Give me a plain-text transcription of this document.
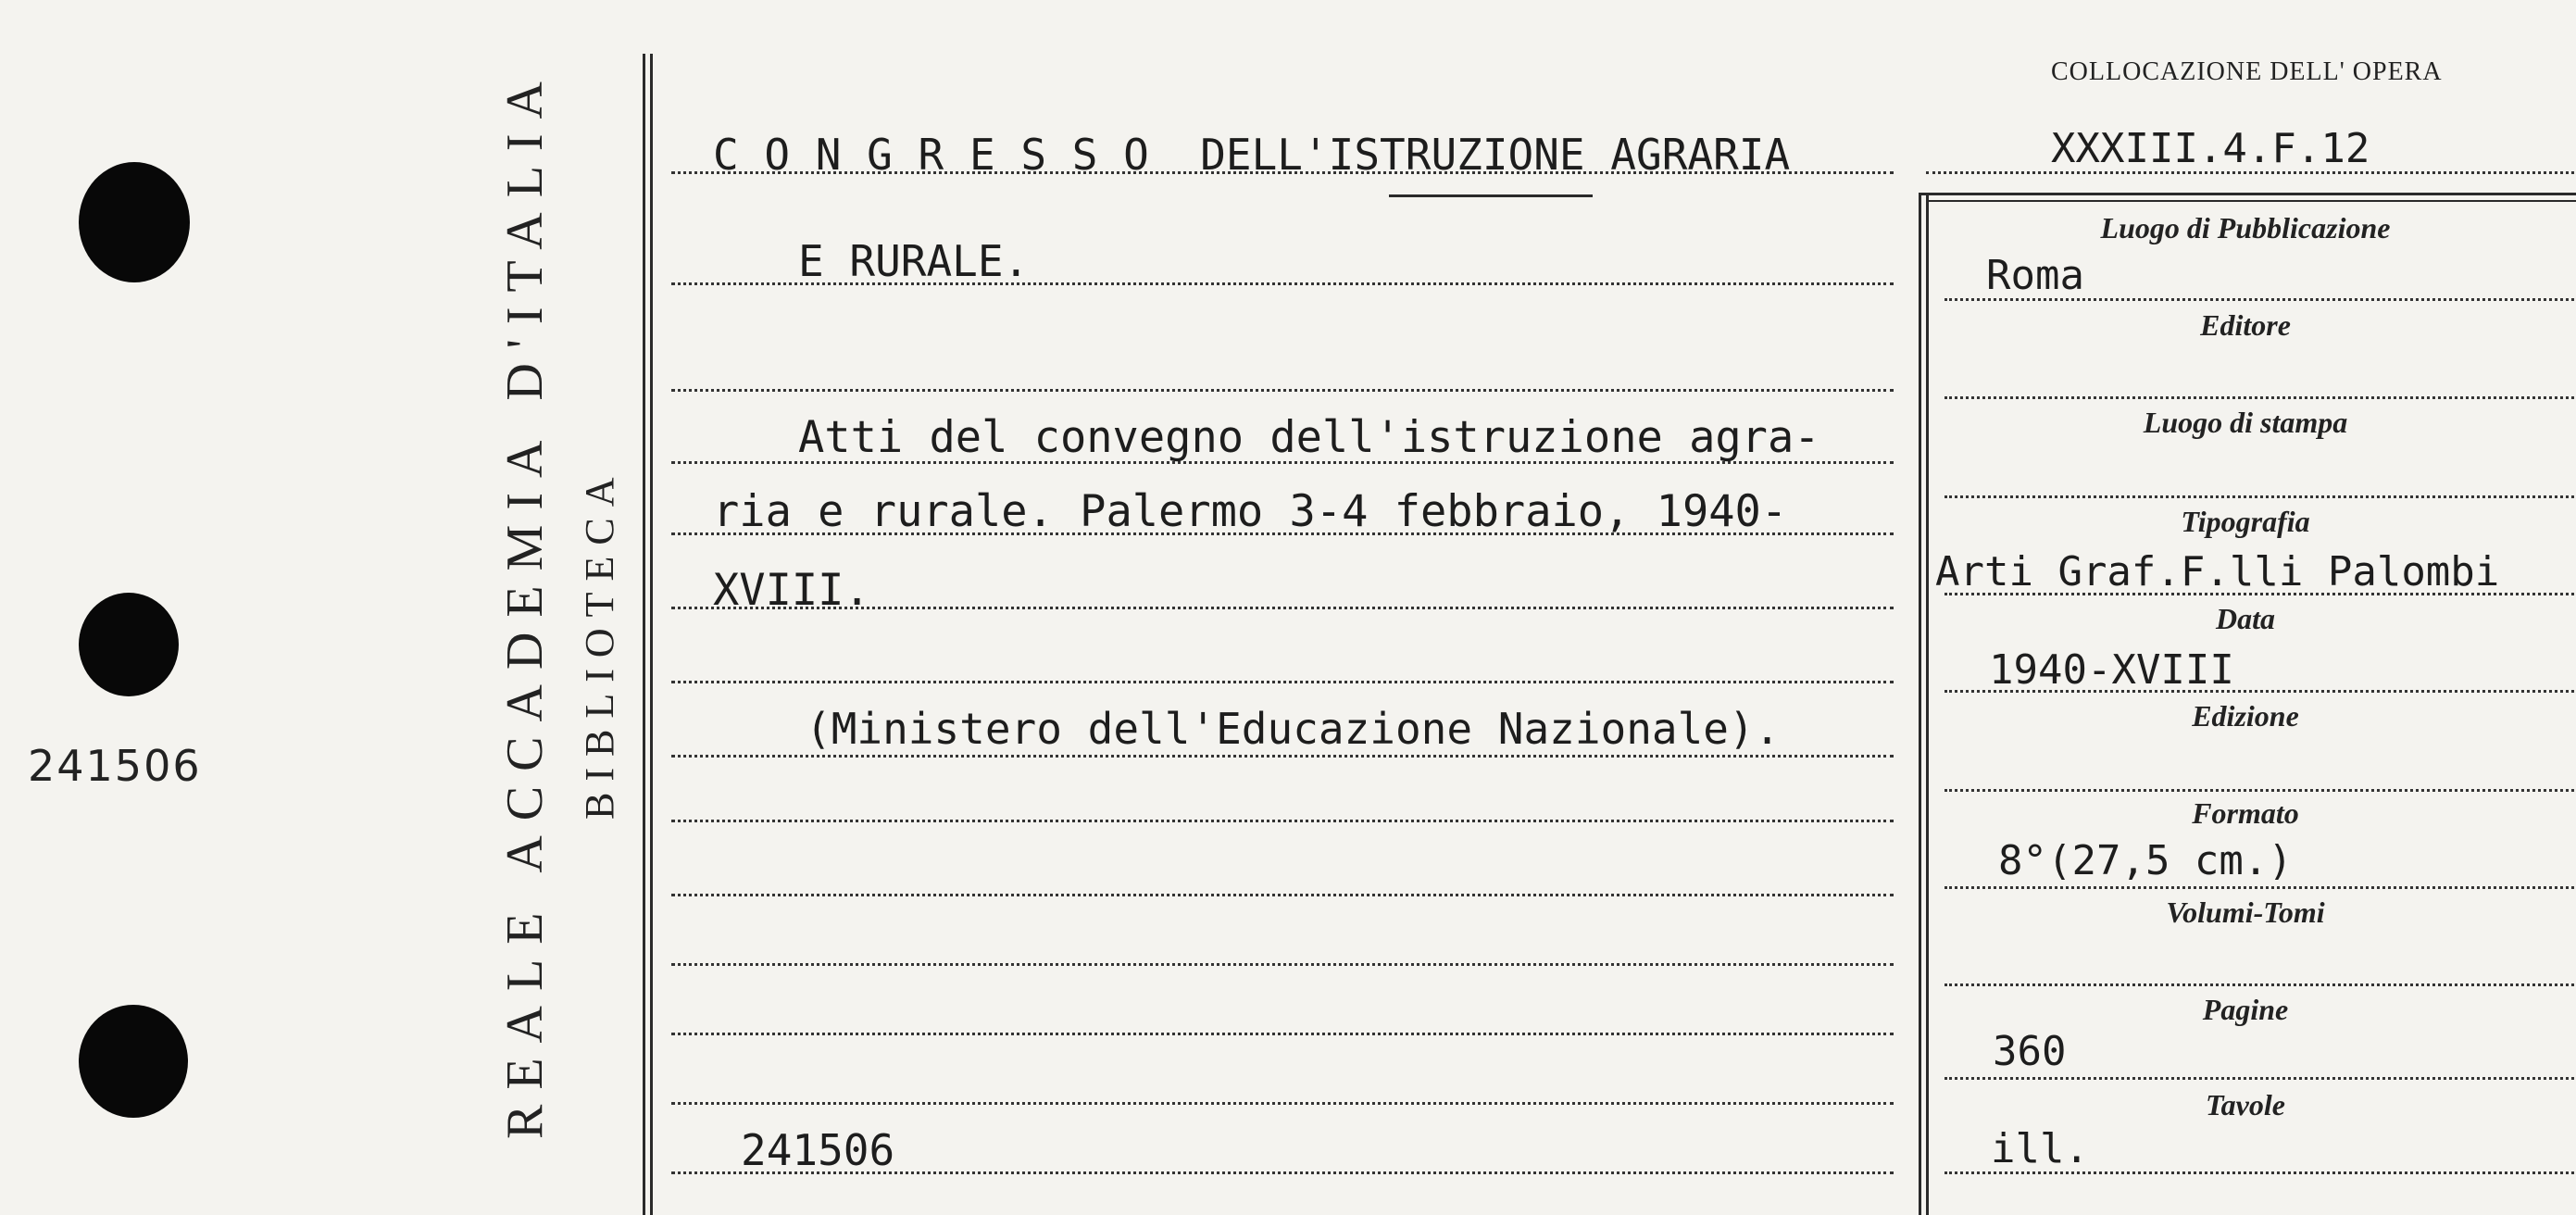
241506	REALE ACCADEMIA D'ITALIA BIBLIOTECA
C O N G R E S S O  DELL'ISTRUZIONE AGRARIA
E RURALE.
Atti del convegno dell'istruzione agra-
ria e rurale. Palermo 3-4 febbraio, 1940-
XVIII.
(Ministero dell'Educazione Nazionale).
241506
COLLOCAZIONE DELL' OPERA
XXXIII.4.F.12
Luogo di Pubblicazione
Roma
Editore
Luogo di stampa
Tipografia
Arti Graf.F.lli Palombi
Data
1940-XVIII
Edizione
Formato
8°(27,5 cm.)
Volumi-Tomi
Pagine
360
Tavole
ill.
